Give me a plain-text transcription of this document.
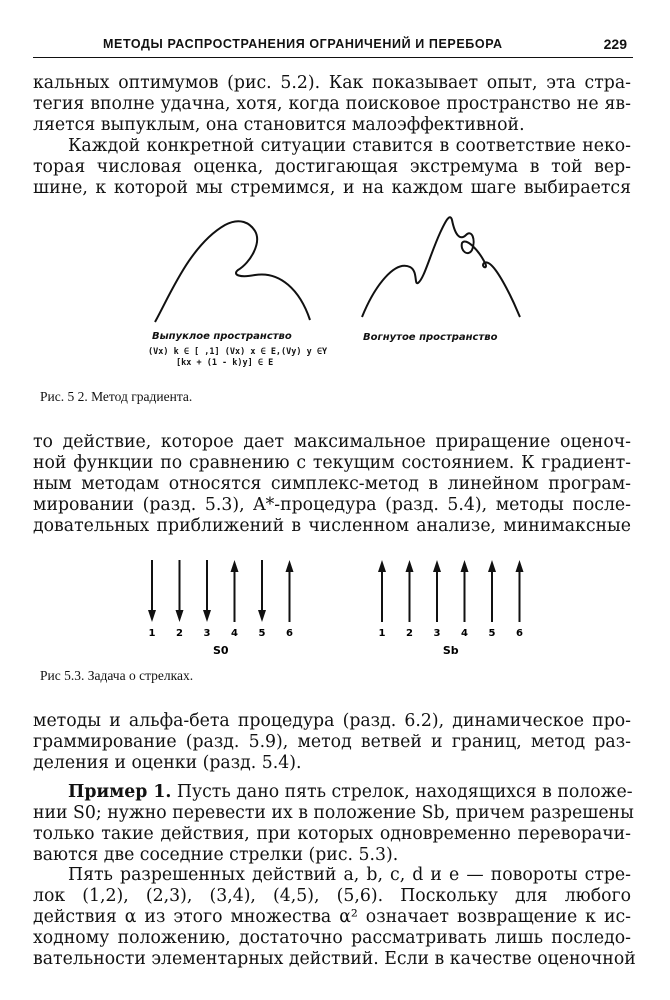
МЕТОДЫ РАСПРОСТРАНЕНИЯ ОГРАНИЧЕНИЙ И ПЕРЕБОРА	229
кальных оптимумов (рис. 5.2). Как показывает опыт, эта стра-
тегия вполне удачна, хотя, когда поисковое пространство не яв-
ляется выпуклым, она становится малоэффективной.
Каждой конкретной ситуации ставится в соответствие неко-
торая числовая оценка, достигающая экстремума в той вер-
шине, к которой мы стремимся, и на каждом шаге выбирается
Выпуклое пространство
(Vx) k ∈ [ ,1] (Vx) x ∈ E,(Vy) y ∈Y
[kx + (1 - k)y] ∈ E
Вогнутое пространство
Рис. 5 2. Метод градиента.
то действие, которое дает максимальное приращение оценоч-
ной функции по сравнению с текущим состоянием. К градиент-
ным методам относятся симплекс-метод в линейном програм-
мировании (разд. 5.3), A*-процедура (разд. 5.4), методы после-
довательных приближений в численном анализе, минимаксные
1 2 3 4 5 6
S0
1 2 3 4 5 6
Sb
Рис 5.3. Задача о стрелках.
методы и альфа-бета процедура (разд. 6.2), динамическое про-
граммирование (разд. 5.9), метод ветвей и границ, метод раз-
деления и оценки (разд. 5.4).
Пример 1. Пусть дано пять стрелок, находящихся в положе-
нии S0; нужно перевести их в положение Sb, причем разрешены
только такие действия, при которых одновременно переворачи-
ваются две соседние стрелки (рис. 5.3).
Пять разрешенных действий a, b, c, d и e — повороты стре-
лок (1,2), (2,3), (3,4), (4,5), (5,6). Поскольку для любого
действия α из этого множества α² означает возвращение к ис-
ходному положению, достаточно рассматривать лишь последо-
вательности элементарных действий. Если в качестве оценочной
